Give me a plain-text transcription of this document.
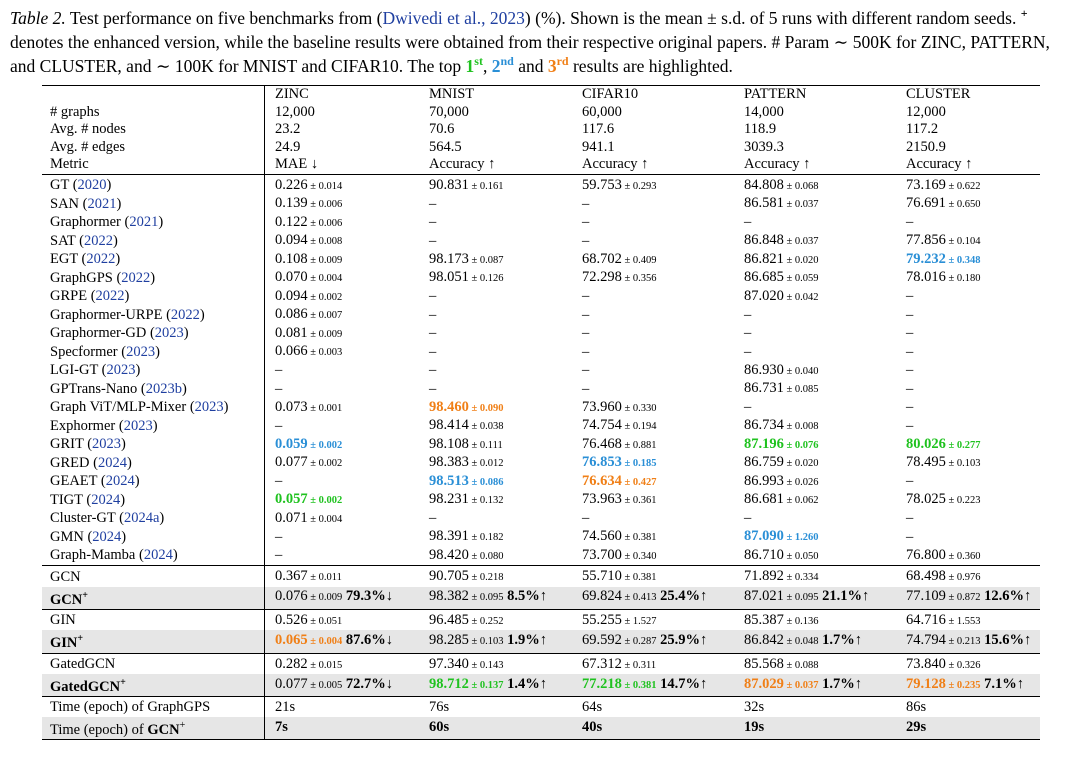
Table 2. Test performance on five benchmarks from (Dwivedi et al., 2023) (%). Shown is the mean ± s.d. of 5 runs with different random seeds. + denotes the enhanced version, while the baseline results were obtained from their respective original papers. # Param ∼ 500K for ZINC, PATTERN, and CLUSTER, and ∼ 100K for MNIST and CIFAR10. The top 1st, 2nd and 3rd results are highlighted.
	ZINC	MNIST	CIFAR10	PATTERN	CLUSTER
# graphs	12,000	70,000	60,000	14,000	12,000
Avg. # nodes	23.2	70.6	117.6	118.9	117.2
Avg. # edges	24.9	564.5	941.1	3039.3	2150.9
Metric	MAE ↓	Accuracy ↑	Accuracy ↑	Accuracy ↑	Accuracy ↑
GT (2020)	0.226 ± 0.014	90.831 ± 0.161	59.753 ± 0.293	84.808 ± 0.068	73.169 ± 0.622
SAN (2021)	0.139 ± 0.006	–	–	86.581 ± 0.037	76.691 ± 0.650
Graphormer (2021)	0.122 ± 0.006	–	–	–	–
SAT (2022)	0.094 ± 0.008	–	–	86.848 ± 0.037	77.856 ± 0.104
EGT (2022)	0.108 ± 0.009	98.173 ± 0.087	68.702 ± 0.409	86.821 ± 0.020	79.232 ± 0.348
GraphGPS (2022)	0.070 ± 0.004	98.051 ± 0.126	72.298 ± 0.356	86.685 ± 0.059	78.016 ± 0.180
GRPE (2022)	0.094 ± 0.002	–	–	87.020 ± 0.042	–
Graphormer-URPE (2022)	0.086 ± 0.007	–	–	–	–
Graphormer-GD (2023)	0.081 ± 0.009	–	–	–	–
Specformer (2023)	0.066 ± 0.003	–	–	–	–
LGI-GT (2023)	–	–	–	86.930 ± 0.040	–
GPTrans-Nano (2023b)	–	–	–	86.731 ± 0.085	–
Graph ViT/MLP-Mixer (2023)	0.073 ± 0.001	98.460 ± 0.090	73.960 ± 0.330	–	–
Exphormer (2023)	–	98.414 ± 0.038	74.754 ± 0.194	86.734 ± 0.008	–
GRIT (2023)	0.059 ± 0.002	98.108 ± 0.111	76.468 ± 0.881	87.196 ± 0.076	80.026 ± 0.277
GRED (2024)	0.077 ± 0.002	98.383 ± 0.012	76.853 ± 0.185	86.759 ± 0.020	78.495 ± 0.103
GEAET (2024)	–	98.513 ± 0.086	76.634 ± 0.427	86.993 ± 0.026	–
TIGT (2024)	0.057 ± 0.002	98.231 ± 0.132	73.963 ± 0.361	86.681 ± 0.062	78.025 ± 0.223
Cluster-GT (2024a)	0.071 ± 0.004	–	–	–	–
GMN (2024)	–	98.391 ± 0.182	74.560 ± 0.381	87.090 ± 1.260	–
Graph-Mamba (2024)	–	98.420 ± 0.080	73.700 ± 0.340	86.710 ± 0.050	76.800 ± 0.360
GCN	0.367 ± 0.011	90.705 ± 0.218	55.710 ± 0.381	71.892 ± 0.334	68.498 ± 0.976
GCN+	0.076 ± 0.009 79.3%↓	98.382 ± 0.095 8.5%↑	69.824 ± 0.413 25.4%↑	87.021 ± 0.095 21.1%↑	77.109 ± 0.872 12.6%↑
GIN	0.526 ± 0.051	96.485 ± 0.252	55.255 ± 1.527	85.387 ± 0.136	64.716 ± 1.553
GIN+	0.065 ± 0.004 87.6%↓	98.285 ± 0.103 1.9%↑	69.592 ± 0.287 25.9%↑	86.842 ± 0.048 1.7%↑	74.794 ± 0.213 15.6%↑
GatedGCN	0.282 ± 0.015	97.340 ± 0.143	67.312 ± 0.311	85.568 ± 0.088	73.840 ± 0.326
GatedGCN+	0.077 ± 0.005 72.7%↓	98.712 ± 0.137 1.4%↑	77.218 ± 0.381 14.7%↑	87.029 ± 0.037 1.7%↑	79.128 ± 0.235 7.1%↑
Time (epoch) of GraphGPS	21s	76s	64s	32s	86s
Time (epoch) of GCN+	7s	60s	40s	19s	29s
